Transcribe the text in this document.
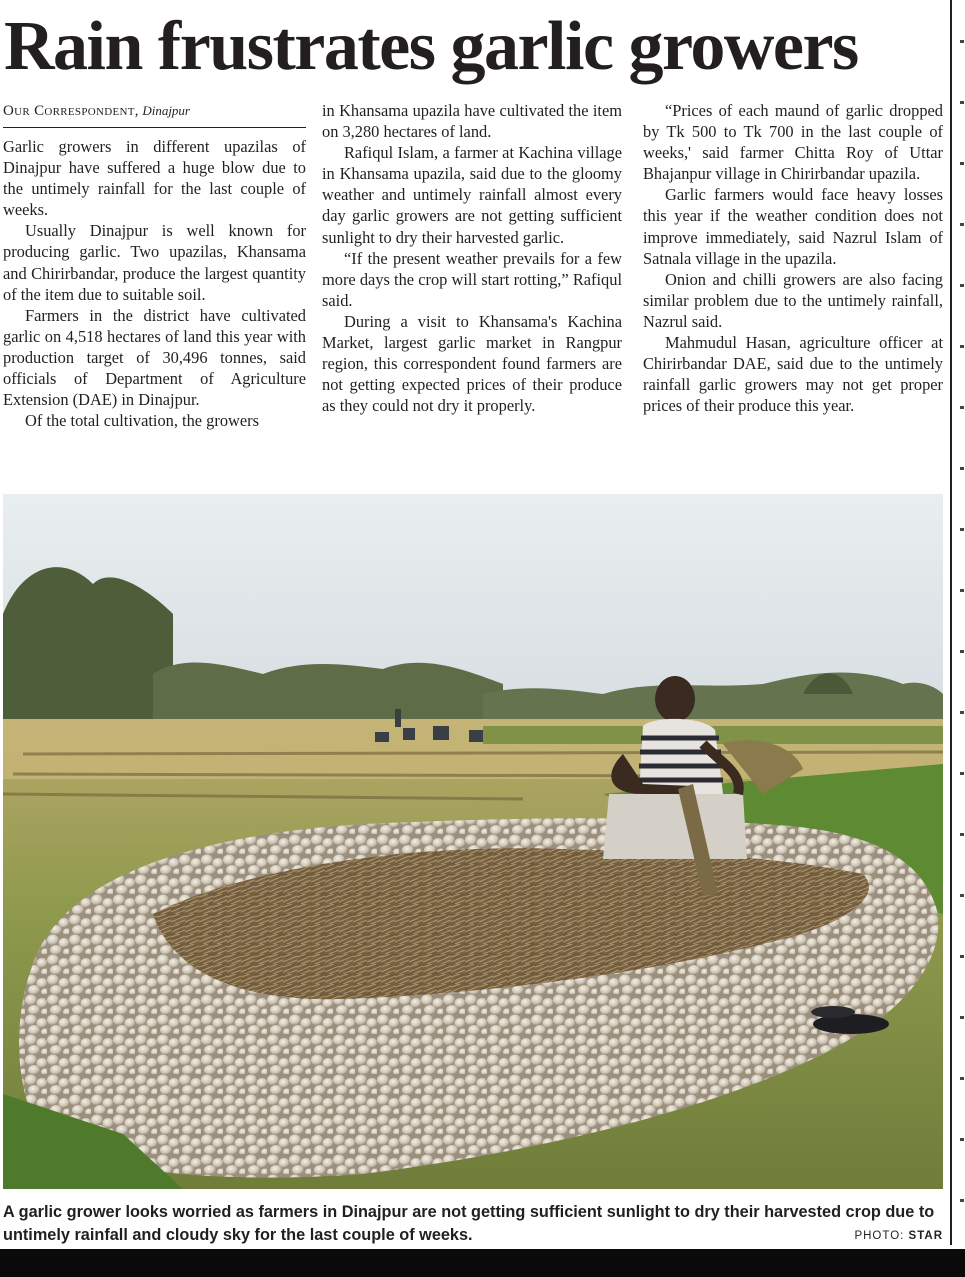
Rain frustrates garlic growers
Our Correspondent, Dinajpur

Garlic growers in different upazilas of Dinajpur have suffered a huge blow due to the untimely rainfall for the last couple of weeks.

Usually Dinajpur is well known for producing garlic. Two upazilas, Khansama and Chirirbandar, produce the largest quantity of the item due to suitable soil.

Farmers in the district have cultivated garlic on 4,518 hectares of land this year with production target of 30,496 tonnes, said officials of Department of Agriculture Extension (DAE) in Dinajpur.

Of the total cultivation, the growers

in Khansama upazila have cultivated the item on 3,280 hectares of land.

Rafiqul Islam, a farmer at Kachina village in Khansama upazila, said due to the gloomy weather and untimely rainfall almost every day garlic growers are not getting sufficient sunlight to dry their harvested garlic.

“If the present weather prevails for a few more days the crop will start rotting,” Rafiqul said.

During a visit to Khansama's Kachina Market, largest garlic market in Rangpur region, this correspondent found farmers are not getting expected prices of their produce as they could not dry it properly.

“Prices of each maund of garlic dropped by Tk 500 to Tk 700 in the last couple of weeks,' said farmer Chitta Roy of Uttar Bhajanpur village in Chirirbandar upazila.

Garlic farmers would face heavy losses this year if the weather condition does not improve immediately, said Nazrul Islam of Satnala village in the upazila.

Onion and chilli growers are also facing similar problem due to the untimely rainfall, Nazrul said.

Mahmudul Hasan, agriculture officer at Chirirbandar DAE, said due to the untimely rainfall garlic growers may not get proper prices of their produce this year.

A garlic grower looks worried as farmers in Dinajpur are not getting sufficient sunlight to dry their harvested crop due to untimely rainfall and cloudy sky for the last couple of weeks.	PHOTO: STAR
